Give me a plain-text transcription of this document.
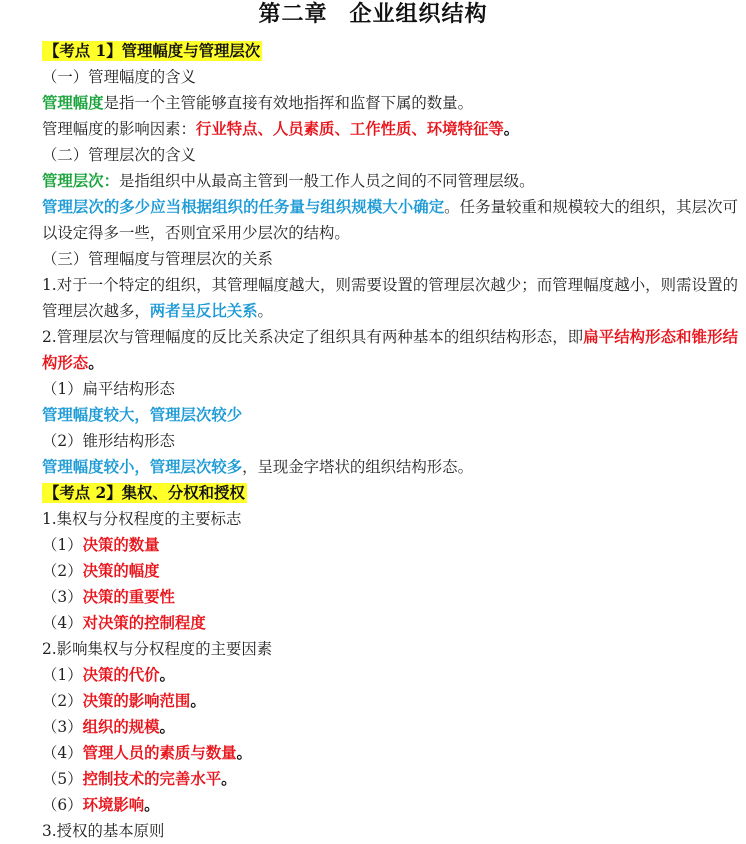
第二章 企业组织结构
【考点 1】管理幅度与管理层次
（一）管理幅度的含义
管理幅度是指一个主管能够直接有效地指挥和监督下属的数量。
管理幅度的影响因素：行业特点、人员素质、工作性质、环境特征等。
（二）管理层次的含义
管理层次：是指组织中从最高主管到一般工作人员之间的不同管理层级。
管理层次的多少应当根据组织的任务量与组织规模大小确定。任务量较重和规模较大的组织，其层次可以设定得多一些，否则宜采用少层次的结构。
（三）管理幅度与管理层次的关系
1.对于一个特定的组织，其管理幅度越大，则需要设置的管理层次越少；而管理幅度越小，则需设置的管理层次越多，两者呈反比关系。
2.管理层次与管理幅度的反比关系决定了组织具有两种基本的组织结构形态，即扁平结构形态和锥形结构形态。
（1）扁平结构形态
管理幅度较大，管理层次较少
（2）锥形结构形态
管理幅度较小，管理层次较多，呈现金字塔状的组织结构形态。
【考点 2】集权、分权和授权
1.集权与分权程度的主要标志
（1）决策的数量
（2）决策的幅度
（3）决策的重要性
（4）对决策的控制程度
2.影响集权与分权程度的主要因素
（1）决策的代价。
（2）决策的影响范围。
（3）组织的规模。
（4）管理人员的素质与数量。
（5）控制技术的完善水平。
（6）环境影响。
3.授权的基本原则
